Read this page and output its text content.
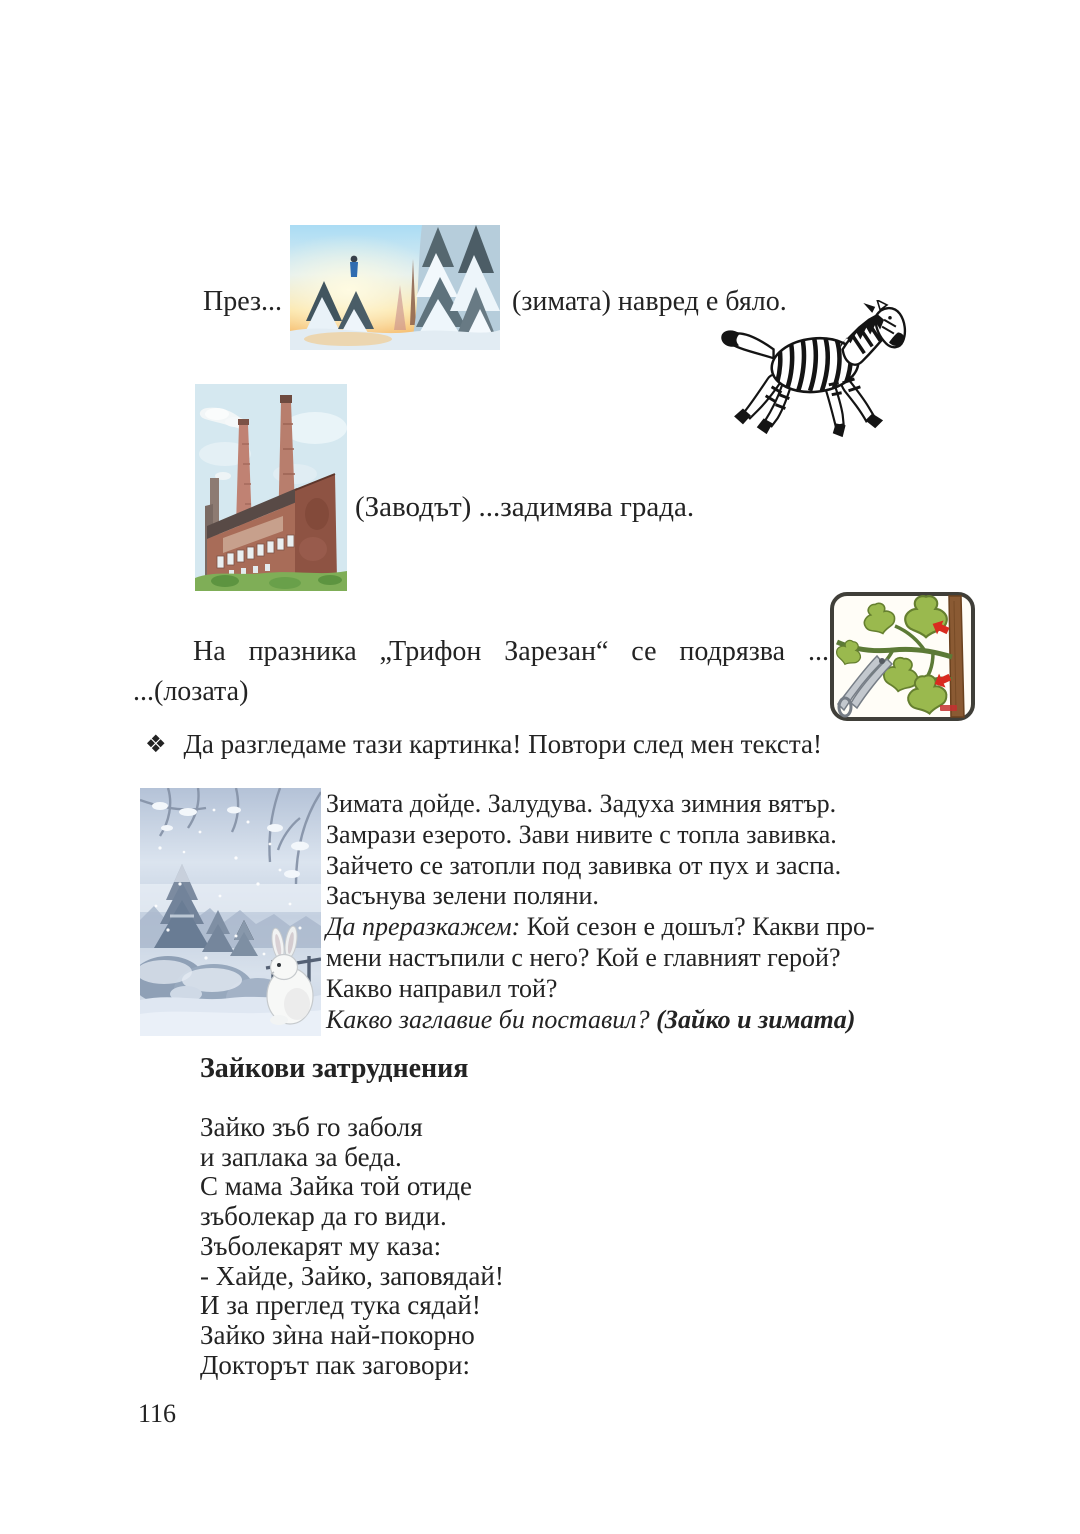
През...	(зимата) навред е бяло.
(Заводът) ...задимява града.
На празника „Трифон Зарезан“ се подрязва ...
...(лозата)
❖ Да разгледаме тази картинка! Повтори след мен текста!
Зимата дойде. Залудува. Задуха зимния вятър.
Замрази езерото. Зави нивите с топла завивка.
Зайчето се затопли под завивка от пух и заспа.
Засънува зелени поляни.
Да преразкажем: Кой сезон е дошъл? Какви про-
мени настъпили с него? Кой е главният герой?
Какво направил той?
Какво заглавие би поставил? (Зайко и зимата)
Зайкови затруднения
Зайко зъб го заболя
и заплака за беда.
С мама Зайка той отиде
зъболекар да го види.
Зъболекарят му каза:
- Хайде, Зайко, заповядай!
И за преглед тука сядай!
Зайко зѝна най-покорно
Докторът пак заговори:
116
